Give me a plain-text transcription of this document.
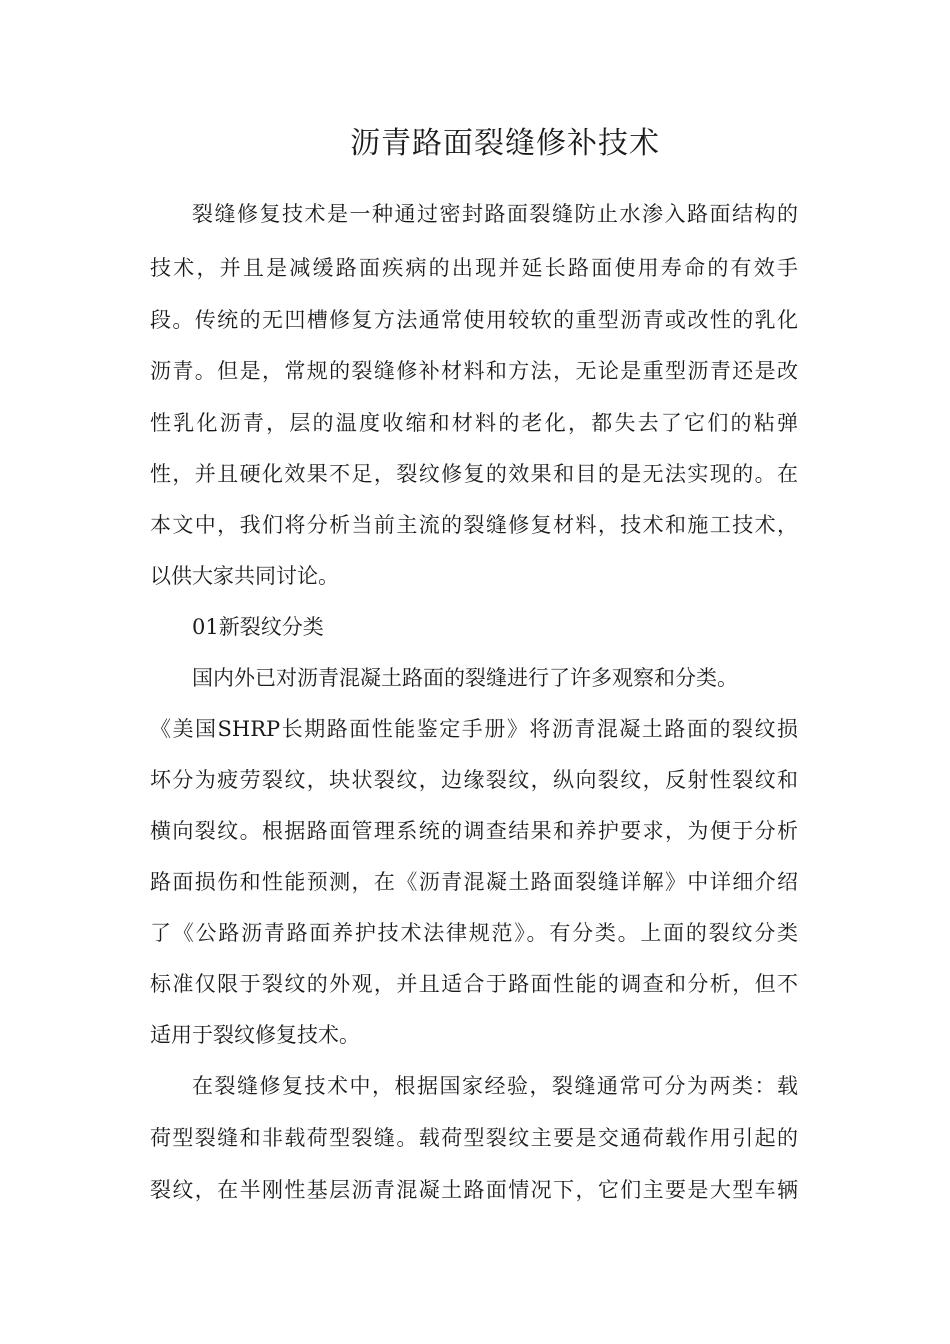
沥青路面裂缝修补技术
裂缝修复技术是一种通过密封路面裂缝防止水渗入路面结构的
技术，并且是减缓路面疾病的出现并延长路面使用寿命的有效手
段。传统的无凹槽修复方法通常使用较软的重型沥青或改性的乳化
沥青。但是，常规的裂缝修补材料和方法，无论是重型沥青还是改
性乳化沥青，层的温度收缩和材料的老化，都失去了它们的粘弹
性，并且硬化效果不足，裂纹修复的效果和目的是无法实现的。在
本文中，我们将分析当前主流的裂缝修复材料，技术和施工技术，
以供大家共同讨论。
01新裂纹分类
国内外已对沥青混凝土路面的裂缝进行了许多观察和分类。
《美国SHRP长期路面性能鉴定手册》将沥青混凝土路面的裂纹损
坏分为疲劳裂纹，块状裂纹，边缘裂纹，纵向裂纹，反射性裂纹和
横向裂纹。根据路面管理系统的调查结果和养护要求，为便于分析
路面损伤和性能预测，在《沥青混凝土路面裂缝详解》中详细介绍
了《公路沥青路面养护技术法律规范》。有分类。上面的裂纹分类
标准仅限于裂纹的外观，并且适合于路面性能的调查和分析，但不
适用于裂纹修复技术。
在裂缝修复技术中，根据国家经验，裂缝通常可分为两类：载
荷型裂缝和非载荷型裂缝。载荷型裂纹主要是交通荷载作用引起的
裂纹，在半刚性基层沥青混凝土路面情况下，它们主要是大型车辆
